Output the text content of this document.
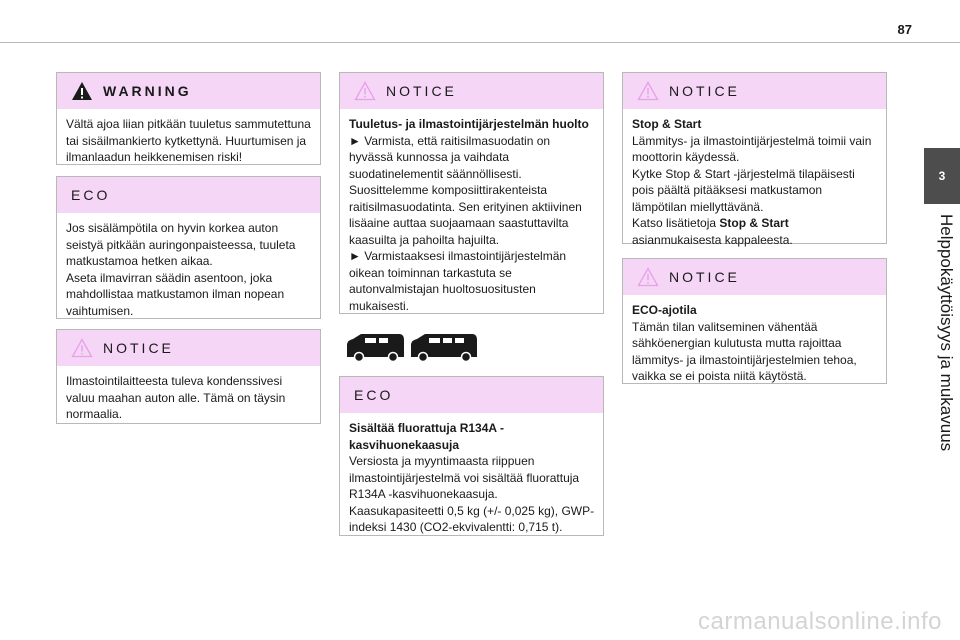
87
3
Helppokäyttöisyys ja mukavuus
WARNING

Vältä ajoa liian pitkään tuuletus sammutettuna tai sisäilmankierto kytkettynä. Huurtumisen ja ilmanlaadun heikkenemisen riski!

ECO

Jos sisälämpötila on hyvin korkea auton seistyä pitkään auringonpaisteessa, tuuleta matkustamoa hetken aikaa.

Aseta ilmavirran säädin asentoon, joka mahdollistaa matkustamon ilman nopean vaihtumisen.

NOTICE

Ilmastointilaitteesta tuleva kondenssivesi valuu maahan auton alle. Tämä on täysin normaalia.

NOTICE

Tuuletus- ja ilmastointijärjestelmän huolto

► Varmista, että raitisilmasuodatin on hyvässä kunnossa ja vaihdata suodatinelementit säännöllisesti.

Suosittelemme komposiittirakenteista raitisilmasuodatinta. Sen erityinen aktiivinen lisäaine auttaa suojaamaan saastuttavilta kaasuilta ja pahoilta hajuilta.

► Varmistaaksesi ilmastointijärjestelmän oikean toiminnan tarkastuta se autonvalmistajan huoltosuositusten mukaisesti.

ECO

Sisältää fluorattuja R134A -kasvihuonekaasuja

Versiosta ja myyntimaasta riippuen ilmastointijärjestelmä voi sisältää fluorattuja R134A -kasvihuonekaasuja.

Kaasukapasiteetti 0,5 kg (+/- 0,025 kg), GWP-indeksi 1430 (CO2-ekvivalentti: 0,715 t).

NOTICE

Stop & Start

Lämmitys- ja ilmastointijärjestelmä toimii vain moottorin käydessä.

Kytke Stop & Start -järjestelmä tilapäisesti pois päältä pitääksesi matkustamon lämpötilan miellyttävänä.

Katso lisätietoja Stop & Start asianmukaisesta kappaleesta.

NOTICE

ECO-ajotila

Tämän tilan valitseminen vähentää sähköenergian kulutusta mutta rajoittaa lämmitys- ja ilmastointijärjestelmien tehoa, vaikka se ei poista niitä käytöstä.

carmanualsonline.info
